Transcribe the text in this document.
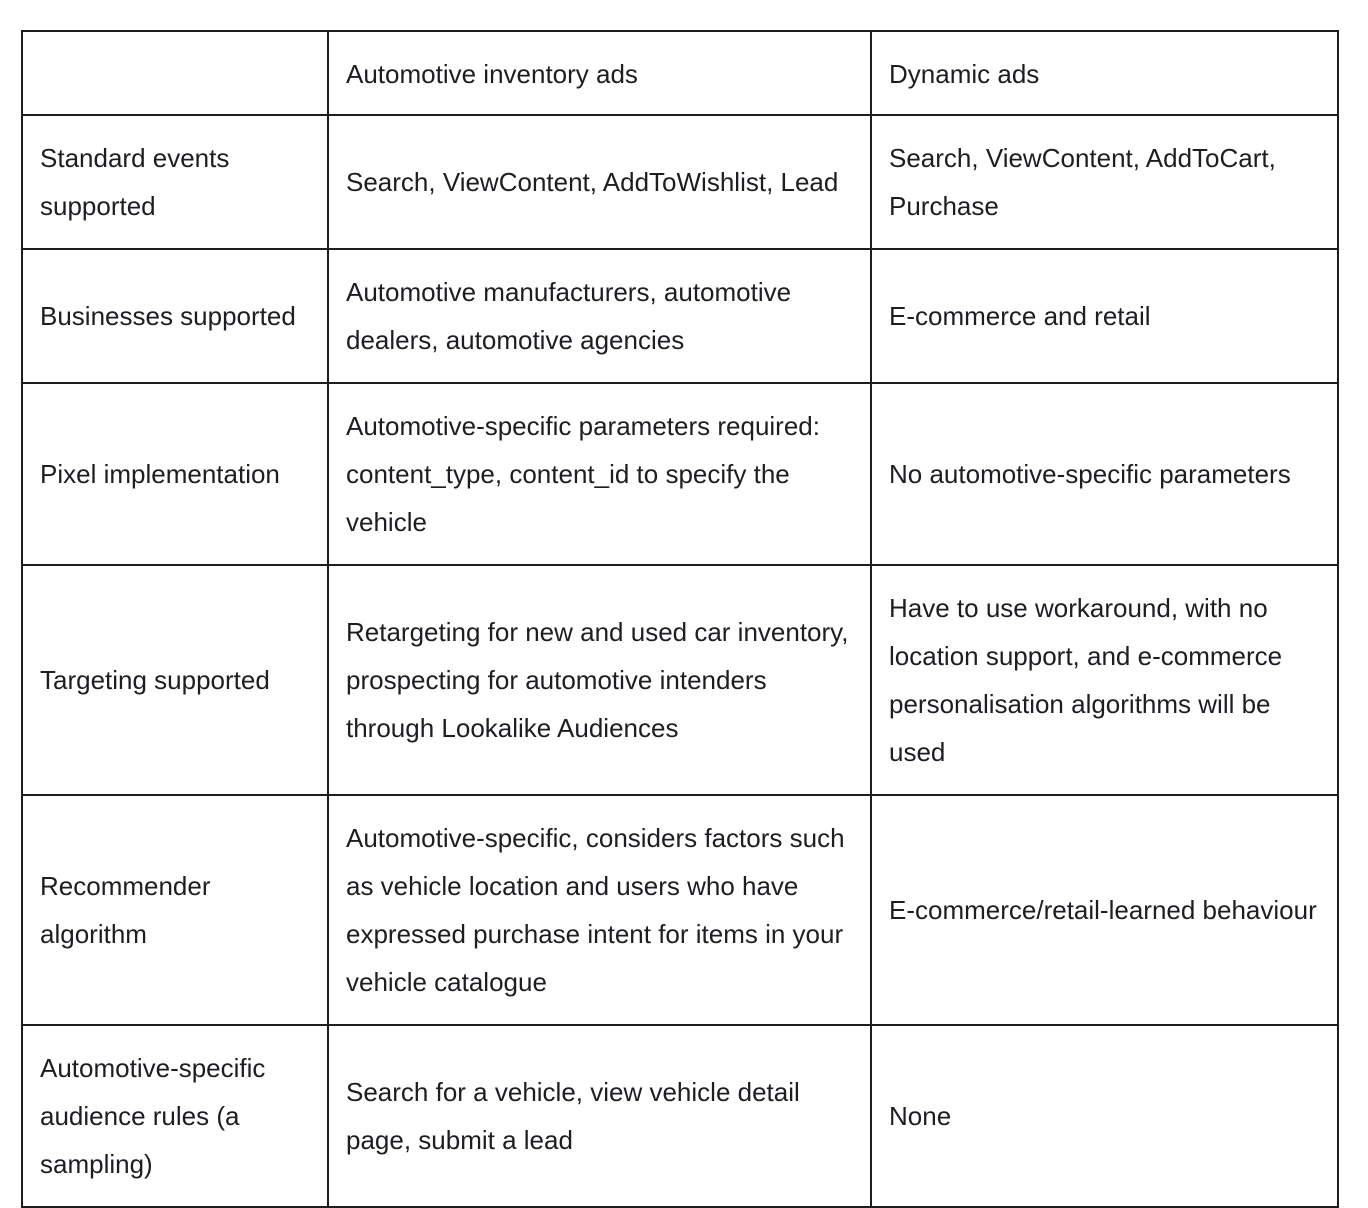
	Automotive inventory ads	Dynamic ads
Standard events supported	Search, ViewContent, AddToWishlist, Lead	Search, ViewContent, AddToCart, Purchase
Businesses supported	Automotive manufacturers, automotive dealers, automotive agencies	E-commerce and retail
Pixel implementation	Automotive-specific parameters required: content_type, content_id to specify the vehicle	No automotive-specific parameters
Targeting supported	Retargeting for new and used car inventory, prospecting for automotive intenders through Lookalike Audiences	Have to use workaround, with no location support, and e-commerce personalisation algorithms will be used
Recommender algorithm	Automotive-specific, considers factors such as vehicle location and users who have expressed purchase intent for items in your vehicle catalogue	E-commerce/retail-learned behaviour
Automotive-specific audience rules (a sampling)	Search for a vehicle, view vehicle detail page, submit a lead	None
